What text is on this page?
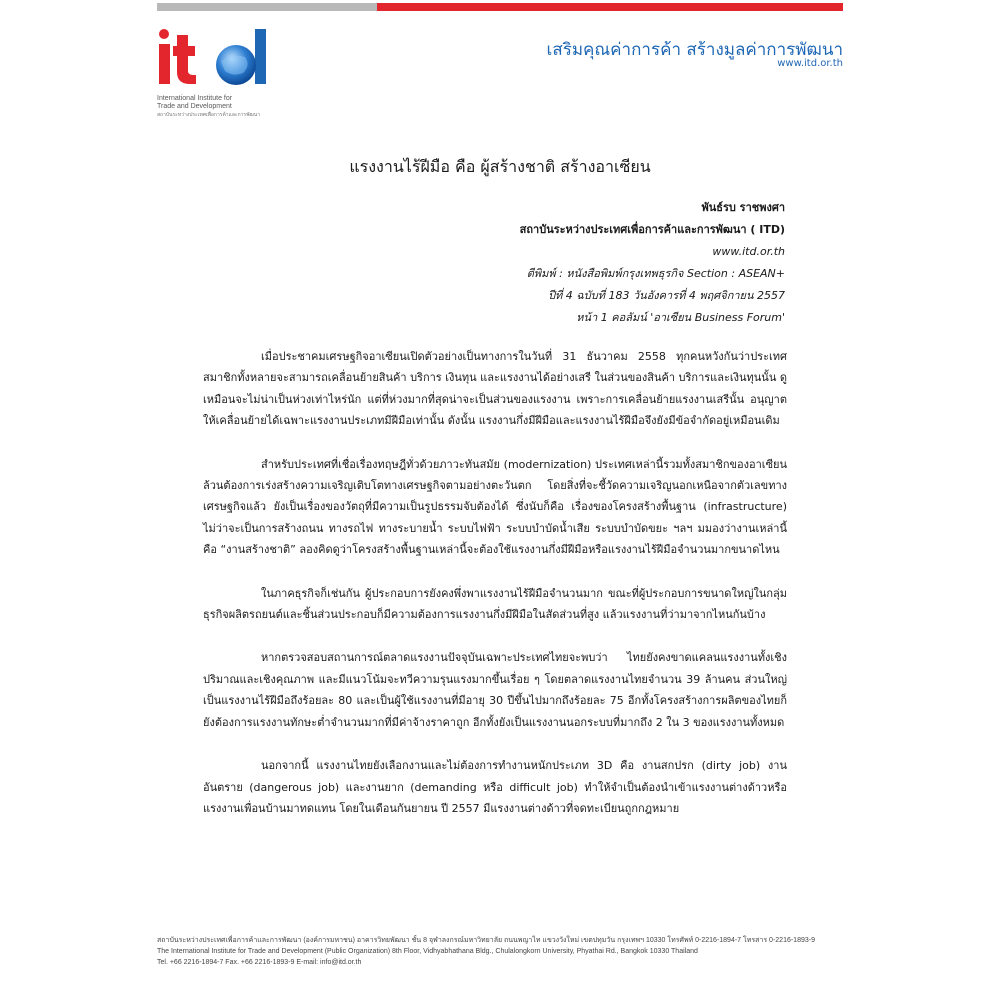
International Institute for
Trade and Development
สถาบันระหว่างประเทศเพื่อการค้าและการพัฒนา
เสริมคุณค่าการค้า สร้างมูลค่าการพัฒนา
www.itd.or.th
แรงงานไร้ฝีมือ คือ ผู้สร้างชาติ สร้างอาเซียน
พันธ์รบ ราชพงศา
สถาบันระหว่างประเทศเพื่อการค้าและการพัฒนา ( ITD)
www.itd.or.th
ตีพิมพ์ : หนังสือพิมพ์กรุงเทพธุรกิจ Section : ASEAN+
ปีที่ 4 ฉบับที่ 183 วันอังคารที่ 4 พฤศจิกายน 2557
หน้า 1 คอลัมน์ 'อาเซียน Business Forum'

เมื่อประชาคมเศรษฐกิจอาเซียนเปิดตัวอย่างเป็นทางการในวันที่ 31 ธันวาคม 2558 ทุกคนหวังกันว่าประเทศสมาชิกทั้งหลายจะสามารถเคลื่อนย้ายสินค้า บริการ เงินทุน และแรงงานได้อย่างเสรี ในส่วนของสินค้า บริการและเงินทุนนั้น ดูเหมือนจะไม่น่าเป็นห่วงเท่าไหร่นัก แต่ที่ห่วงมากที่สุดน่าจะเป็นส่วนของแรงงาน เพราะการเคลื่อนย้ายแรงงานเสรีนั้น อนุญาตให้เคลื่อนย้ายได้เฉพาะแรงงานประเภทมีฝีมือเท่านั้น ดังนั้น แรงงานกึ่งมีฝีมือและแรงงานไร้ฝีมือจึงยังมีข้อจำกัดอยู่เหมือนเดิม

สำหรับประเทศที่เชื่อเรื่องทฤษฎีทั่วด้วยภาวะทันสมัย (modernization) ประเทศเหล่านี้รวมทั้งสมาชิกของอาเซียน ล้วนต้องการเร่งสร้างความเจริญเติบโตทางเศรษฐกิจตามอย่างตะวันตก โดยสิ่งที่จะชี้วัดความเจริญนอกเหนือจากตัวเลขทางเศรษฐกิจแล้ว ยังเป็นเรื่องของวัตถุที่มีความเป็นรูปธรรมจับต้องได้ ซึ่งนับก็คือ เรื่องของโครงสร้างพื้นฐาน (infrastructure) ไม่ว่าจะเป็นการสร้างถนน ทางรถไฟ ทางระบายน้ำ ระบบไฟฟ้า ระบบบำบัดน้ำเสีย ระบบบำบัดขยะ ฯลฯ มมองว่างานเหล่านี้ คือ “งานสร้างชาติ” ลองคิดดูว่าโครงสร้างพื้นฐานเหล่านี้จะต้องใช้แรงงานกึ่งมีฝีมือหรือแรงงานไร้ฝีมือจำนวนมากขนาดไหน

ในภาคธุรกิจก็เช่นกัน ผู้ประกอบการยังคงพึ่งพาแรงงานไร้ฝีมือจำนวนมาก ขณะที่ผู้ประกอบการขนาดใหญ่ในกลุ่มธุรกิจผลิตรถยนต์และชิ้นส่วนประกอบก็มีความต้องการแรงงานกึ่งมีฝีมือในสัดส่วนที่สูง แล้วแรงงานที่ว่ามาจากไหนกันบ้าง

หากตรวจสอบสถานการณ์ตลาดแรงงานปัจจุบันเฉพาะประเทศไทยจะพบว่า ไทยยังคงขาดแคลนแรงงานทั้งเชิงปริมาณและเชิงคุณภาพ และมีแนวโน้มจะทวีความรุนแรงมากขึ้นเรื่อย ๆ โดยตลาดแรงงานไทยจำนวน 39 ล้านคน ส่วนใหญ่เป็นแรงงานไร้ฝีมือถึงร้อยละ 80 และเป็นผู้ใช้แรงงานที่มีอายุ 30 ปีขึ้นไปมากถึงร้อยละ 75 อีกทั้งโครงสร้างการผลิตของไทยก็ยังต้องการแรงงานทักษะต่ำจำนวนมากที่มีค่าจ้างราคาถูก อีกทั้งยังเป็นแรงงานนอกระบบที่มากถึง 2 ใน 3 ของแรงงานทั้งหมด

นอกจากนี้ แรงงานไทยยังเลือกงานและไม่ต้องการทำงานหนักประเภท 3D คือ งานสกปรก (dirty job) งานอันตราย (dangerous job) และงานยาก (demanding หรือ difficult job) ทำให้จำเป็นต้องนำเข้าแรงงานต่างด้าวหรือแรงงานเพื่อนบ้านมาทดแทน โดยในเดือนกันยายน ปี 2557 มีแรงงานต่างด้าวที่จดทะเบียนถูกกฎหมาย

สถาบันระหว่างประเทศเพื่อการค้าและการพัฒนา (องค์การมหาชน) อาคารวิทยพัฒนา ชั้น 8 จุฬาลงกรณ์มหาวิทยาลัย ถนนพญาไท แขวงวังใหม่ เขตปทุมวัน กรุงเทพฯ 10330 โทรศัพท์ 0-2216-1894-7 โทรสาร 0-2216-1893-9
The International Institute for Trade and Development (Public Organization) 8th Floor, Vidhyabhathana Bldg., Chulalongkorn University, Phyathai Rd., Bangkok 10330 Thailand
Tel. +66 2216-1894-7 Fax. +66 2216-1893-9 E-mail: info@itd.or.th
